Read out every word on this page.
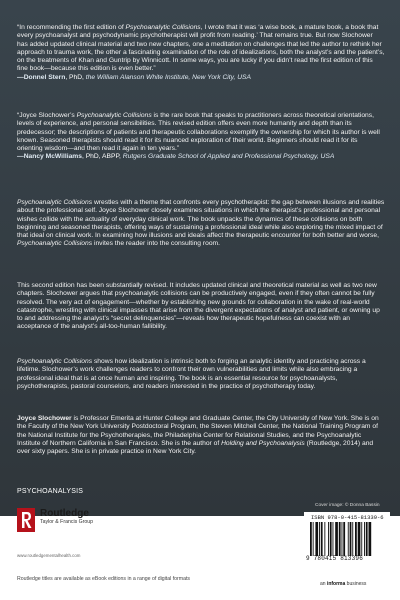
“In recommending the first edition of Psychoanalytic Collisions, I wrote that it was ‘a wise book, a mature book, a book that every psychoanalyst and psychodynamic psychotherapist will profit from reading.’ That remains true. But now Slochower has added updated clinical material and two new chapters, one a meditation on challenges that led the author to rethink her approach to trauma work, the other a fascinating examination of the role of idealizations, both the analyst’s and the patient’s, on the treatments of Khan and Guntrip by Winnicott. In some ways, you are lucky if you didn’t read the first edition of this fine book—because this edition is even better.”
—Donnel Stern, PhD, the William Alanson White Institute, New York City, USA

“Joyce Slochower’s Psychoanalytic Collisions is the rare book that speaks to practitioners across theoretical orientations, levels of experience, and personal sensibilities. This revised edition offers even more humanity and depth than its predecessor; the descriptions of patients and therapeutic collaborations exemplify the ownership for which its author is well known. Seasoned therapists should read it for its nuanced exploration of their world. Beginners should read it for its orienting wisdom—and then read it again in ten years.”
—Nancy McWilliams, PhD, ABPP, Rutgers Graduate School of Applied and Professional Psychology, USA

Psychoanalytic Collisions wrestles with a theme that confronts every psychotherapist: the gap between illusions and realities about the professional self. Joyce Slochower closely examines situations in which the therapist’s professional and personal wishes collide with the actuality of everyday clinical work. The book unpacks the dynamics of these collisions on both beginning and seasoned therapists, offering ways of sustaining a professional ideal while also exploring the mixed impact of that ideal on clinical work. In examining how illusions and ideals affect the therapeutic encounter for both better and worse, Psychoanalytic Collisions invites the reader into the consulting room.

This second edition has been substantially revised. It includes updated clinical and theoretical material as well as two new chapters. Slochower argues that psychoanalytic collisions can be productively engaged, even if they often cannot be fully resolved. The very act of engagement—whether by establishing new grounds for collaboration in the wake of real-world catastrophe, wrestling with clinical impasses that arise from the divergent expectations of analyst and patient, or owning up to and addressing the analyst’s “secret delinquencies”—reveals how therapeutic hopefulness can coexist with an acceptance of the analyst’s all-too-human fallibility.

Psychoanalytic Collisions shows how idealization is intrinsic both to forging an analytic identity and practicing across a lifetime. Slochower’s work challenges readers to confront their own vulnerabilities and limits while also embracing a professional ideal that is at once human and inspiring. The book is an essential resource for psychoanalysts, psychotherapists, pastoral counselors, and readers interested in the practice of psychotherapy today.

Joyce Slochower is Professor Emerita at Hunter College and Graduate Center, the City University of New York. She is on the Faculty of the New York University Postdoctoral Program, the Steven Mitchell Center, the National Training Program of the National Institute for the Psychotherapies, the Philadelphia Center for Relational Studies, and the Psychoanalytic Institute of Northern California in San Francisco. She is the author of Holding and Psychoanalysis (Routledge, 2014) and over sixty papers. She is in private practice in New York City.

PSYCHOANALYSIS
Cover image: © Donna Bassin
Routledge
Taylor & Francis Group
www.routledgementalhealth.com
Routledge titles are available as eBook editions in a range of digital formats
ISBN 978-0-415-81339-6
9 780415 813396
an informa business
